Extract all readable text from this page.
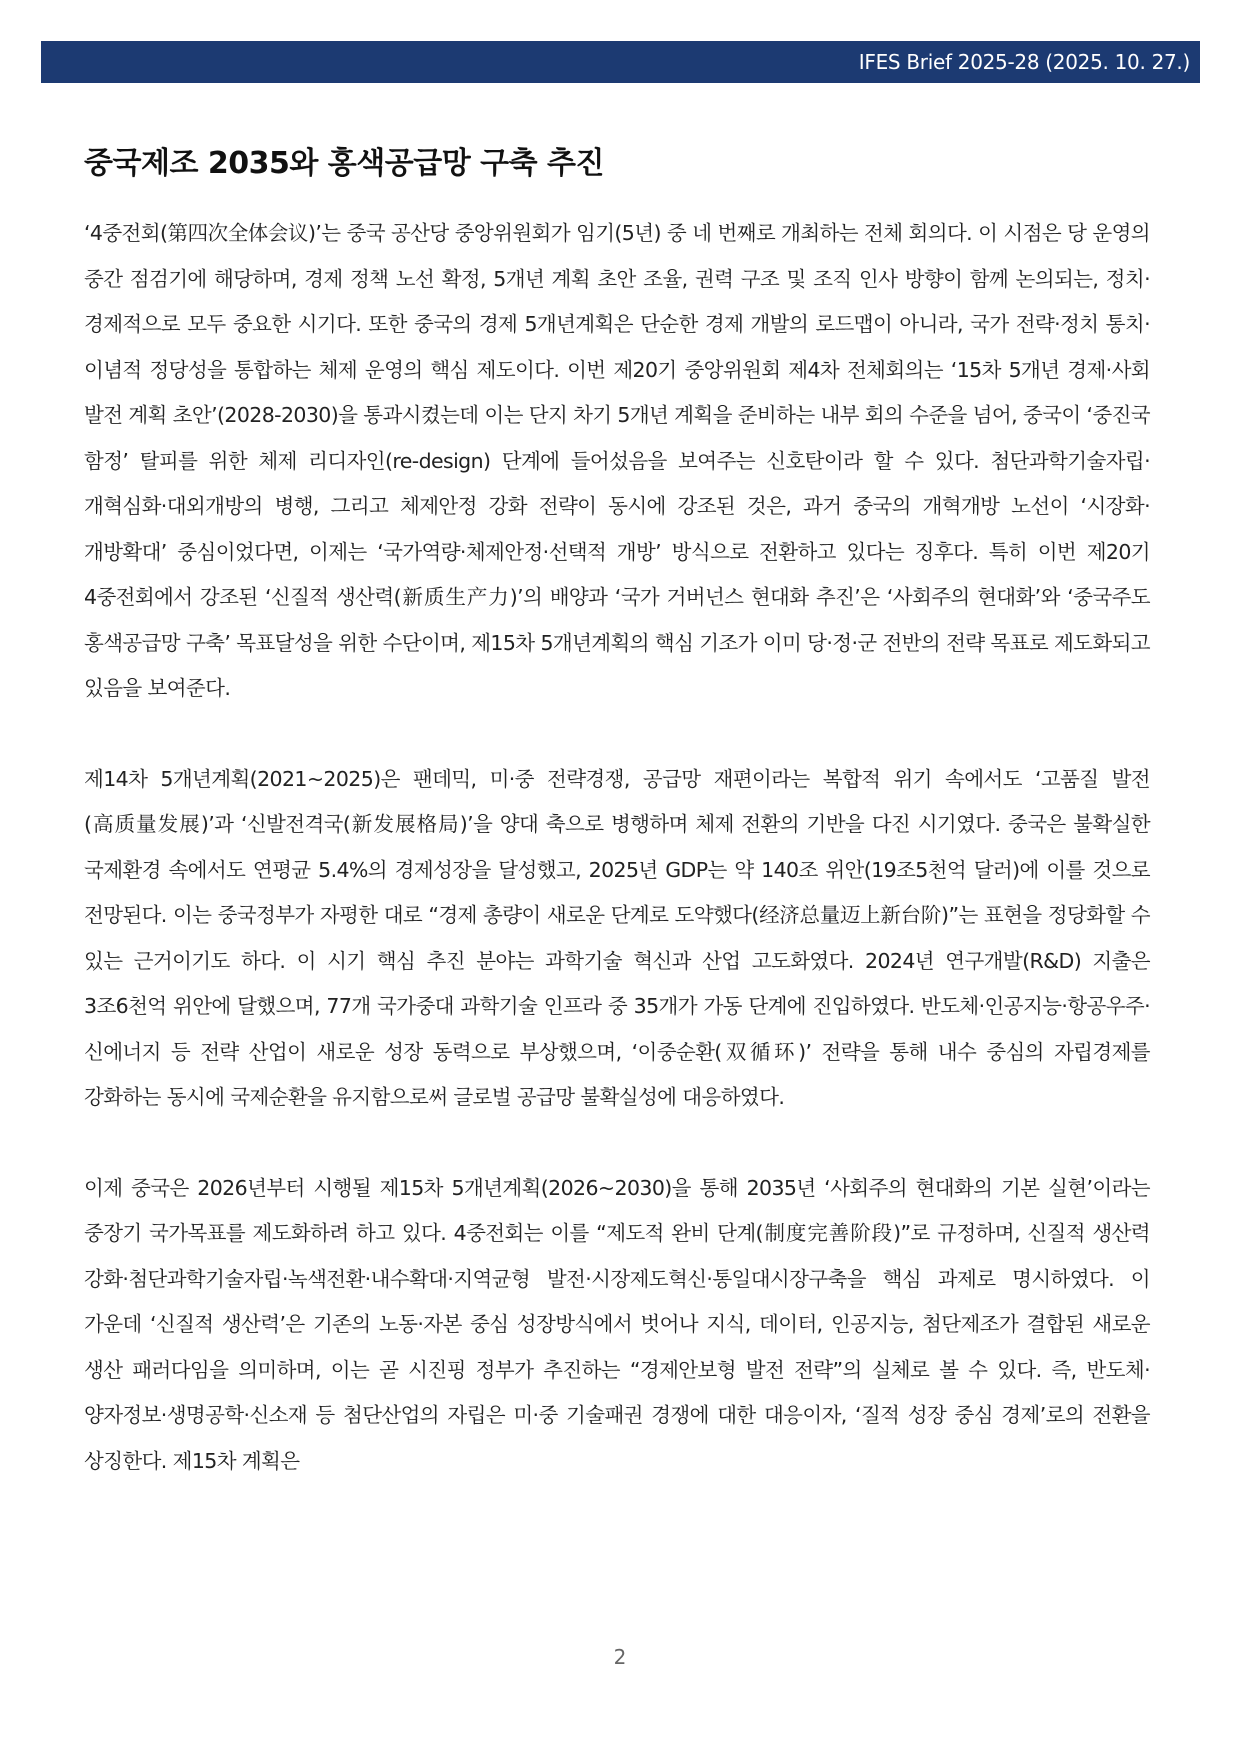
IFES Brief 2025-28 (2025. 10. 27.)
중국제조 2035와 홍색공급망 구축 추진

‘4중전회(第四次全体会议)’는 중국 공산당 중앙위원회가 임기(5년) 중 네 번째로 개최하는 전체 회의다. 이 시점은 당 운영의 중간 점검기에 해당하며, 경제 정책 노선 확정, 5개년 계획 초안 조율, 권력 구조 및 조직 인사 방향이 함께 논의되는, 정치·경제적으로 모두 중요한 시기다. 또한 중국의 경제 5개년계획은 단순한 경제 개발의 로드맵이 아니라, 국가 전략·정치 통치·이념적 정당성을 통합하는 체제 운영의 핵심 제도이다. 이번 제20기 중앙위원회 제4차 전체회의는 ‘15차 5개년 경제·사회 발전 계획 초안’(2028-2030)을 통과시켰는데 이는 단지 차기 5개년 계획을 준비하는 내부 회의 수준을 넘어, 중국이 ‘중진국 함정’ 탈피를 위한 체제 리디자인(re-design) 단계에 들어섰음을 보여주는 신호탄이라 할 수 있다. 첨단과학기술자립·개혁심화·대외개방의 병행, 그리고 체제안정 강화 전략이 동시에 강조된 것은, 과거 중국의 개혁개방 노선이 ‘시장화·개방확대’ 중심이었다면, 이제는 ‘국가역량·체제안정·선택적 개방’ 방식으로 전환하고 있다는 징후다. 특히 이번 제20기 4중전회에서 강조된 ‘신질적 생산력(新质生产力)’의 배양과 ‘국가 거버넌스 현대화 추진’은 ‘사회주의 현대화’와 ‘중국주도 홍색공급망 구축’ 목표달성을 위한 수단이며, 제15차 5개년계획의 핵심 기조가 이미 당·정·군 전반의 전략 목표로 제도화되고 있음을 보여준다.

제14차 5개년계획(2021~2025)은 팬데믹, 미·중 전략경쟁, 공급망 재편이라는 복합적 위기 속에서도 ‘고품질 발전(高质量发展)’과 ‘신발전격국(新发展格局)’을 양대 축으로 병행하며 체제 전환의 기반을 다진 시기였다. 중국은 불확실한 국제환경 속에서도 연평균 5.4%의 경제성장을 달성했고, 2025년 GDP는 약 140조 위안(19조5천억 달러)에 이를 것으로 전망된다. 이는 중국정부가 자평한 대로 “경제 총량이 새로운 단계로 도약했다(经济总量迈上新台阶)”는 표현을 정당화할 수 있는 근거이기도 하다. 이 시기 핵심 추진 분야는 과학기술 혁신과 산업 고도화였다. 2024년 연구개발(R&D) 지출은 3조6천억 위안에 달했으며, 77개 국가중대 과학기술 인프라 중 35개가 가동 단계에 진입하였다. 반도체·인공지능·항공우주·신에너지 등 전략 산업이 새로운 성장 동력으로 부상했으며, ‘이중순환(双循环)’ 전략을 통해 내수 중심의 자립경제를 강화하는 동시에 국제순환을 유지함으로써 글로벌 공급망 불확실성에 대응하였다.

이제 중국은 2026년부터 시행될 제15차 5개년계획(2026~2030)을 통해 2035년 ‘사회주의 현대화의 기본 실현’이라는 중장기 국가목표를 제도화하려 하고 있다. 4중전회는 이를 “제도적 완비 단계(制度完善阶段)”로 규정하며, 신질적 생산력 강화·첨단과학기술자립·녹색전환·내수확대·지역균형 발전·시장제도혁신·통일대시장구축을 핵심 과제로 명시하였다. 이 가운데 ‘신질적 생산력’은 기존의 노동·자본 중심 성장방식에서 벗어나 지식, 데이터, 인공지능, 첨단제조가 결합된 새로운 생산 패러다임을 의미하며, 이는 곧 시진핑 정부가 추진하는 “경제안보형 발전 전략”의 실체로 볼 수 있다. 즉, 반도체·양자정보·생명공학·신소재 등 첨단산업의 자립은 미·중 기술패권 경쟁에 대한 대응이자, ‘질적 성장 중심 경제’로의 전환을 상징한다. 제15차 계획은

2
